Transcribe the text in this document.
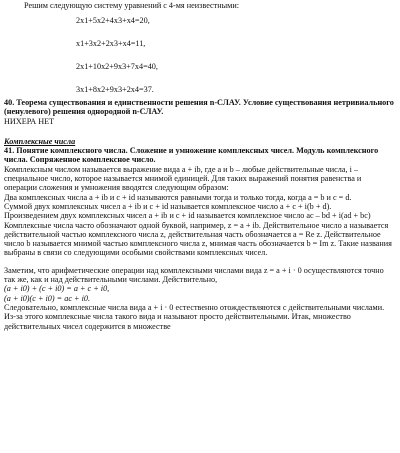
Решим следующую систему уравнений с 4-мя неизвестными:

2x1+5x2+4x3+x4=20,
x1+3x2+2x3+x4=11,
2x1+10x2+9x3+7x4=40,
3x1+8x2+9x3+2x4=37.

40. Теорема существования и единственности решения n-СЛАУ. Условие существования нетривиального (ненулевого) решения однородной n-СЛАУ.

НИХЕРА НЕТ

Комплексные числа

41. Понятие комплексного числа. Сложение и умножение комплексных чисел. Модуль комплексного числа. Сопряженное комплексное число.

Комплексным числом называется выражение вида a + ib, где a и b – любые действительные числа, i – специальное число, которое называется мнимой единицей. Для таких выражений понятия равенства и операции сложения и умножения вводятся следующим образом:

Два комплексных числа a + ib и c + id называются равными тогда и только тогда, когда a = b и c = d.

Суммой двух комплексных чисел a + ib и c + id называется комплексное число a + c + i(b + d).

Произведением двух комплексных чисел a + ib и c + id называется комплексное число ac – bd + i(ad + bc)

Комплексные числа часто обозначают одной буквой, например, z = a + ib. Действительное число a называется действительной частью комплексного числа z, действительная часть обозначается a = Re z. Действительное число b называется мнимой частью комплексного числа z, мнимая часть обозначается b = Im z. Такие названия выбраны в связи со следующими особыми свойствами комплексных чисел.

Заметим, что арифметические операции над комплексными числами вида z = a + i · 0 осуществляются точно так же, как и над действительными числами. Действительно,

(a + i0) + (c + i0) = a + c + i0,

(a + i0)(c + i0) = ac + i0.

Следовательно, комплексные числа вида a + i · 0 естественно отождествляются с действительными числами. Из-за этого комплексные числа такого вида и называют просто действительными. Итак, множество действительных чисел содержится в множестве
